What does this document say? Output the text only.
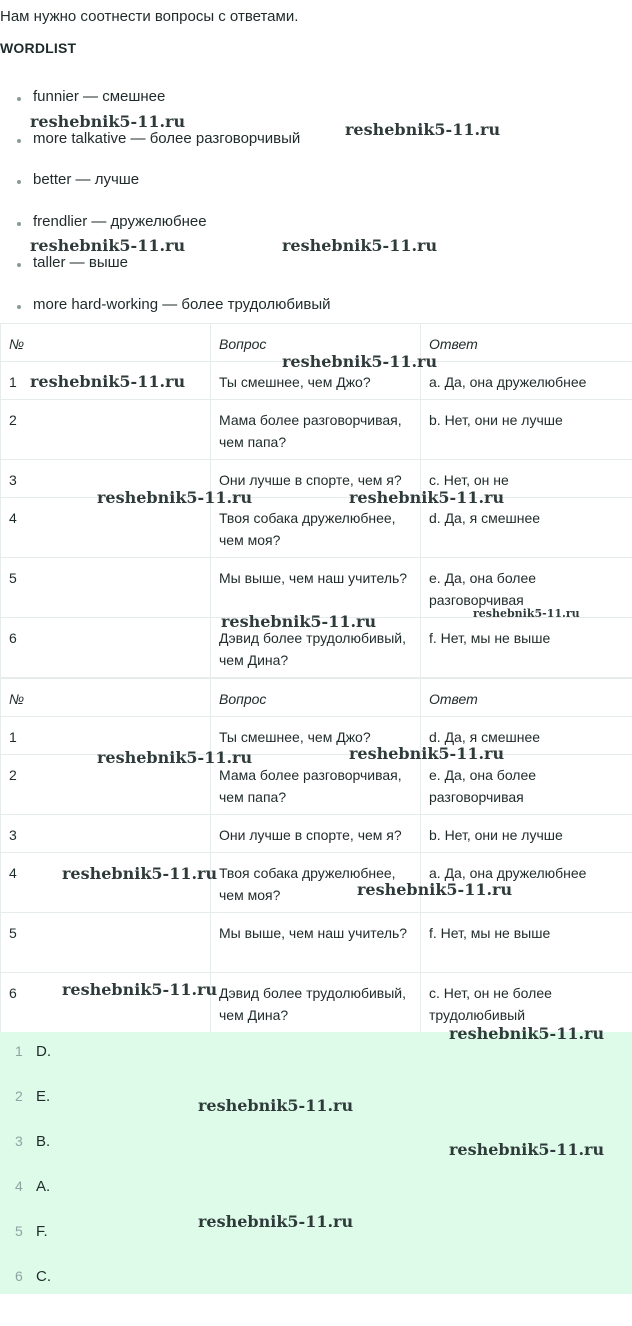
Нам нужно соотнести вопросы с ответами.
WORDLIST
funnier — смешнее
more talkative — более разговорчивый
better — лучше
frendlier — дружелюбнее
taller — выше
more hard-working — более трудолюбивый
№	Вопрос	Ответ
1	Ты смешнее, чем Джо?	a. Да, она дружелюбнее
2	Мама более разговорчивая, чем папа?	b. Нет, они не лучше
3	Они лучше в спорте, чем я?	c. Нет, он не
4	Твоя собака дружелюбнее, чем моя?	d. Да, я смешнее
5	Мы выше, чем наш учитель?	e. Да, она более разговорчивая
6	Дэвид более трудолюбивый, чем Дина?	f. Нет, мы не выше
№	Вопрос	Ответ
1	Ты смешнее, чем Джо?	d. Да, я смешнее
2	Мама более разговорчивая, чем папа?	e. Да, она более разговорчивая
3	Они лучше в спорте, чем я?	b. Нет, они не лучше
4	Твоя собака дружелюбнее, чем моя?	a. Да, она дружелюбнее
5	Мы выше, чем наш учитель?	f. Нет, мы не выше
6	Дэвид более трудолюбивый, чем Дина?	c. Нет, он не более трудолюбивый
1 D.
2 E.
3 B.
4 A.
5 F.
6 C.
reshebnik5-11.ru	reshebnik5-11.ru
reshebnik5-11.ru	reshebnik5-11.ru
reshebnik5-11.ru
reshebnik5-11.ru
reshebnik5-11.ru	reshebnik5-11.ru
reshebnik5-11.ru
reshebnik5-11.ru
reshebnik5-11.ru	reshebnik5-11.ru
reshebnik5-11.ru
reshebnik5-11.ru
reshebnik5-11.ru
reshebnik5-11.ru
reshebnik5-11.ru
reshebnik5-11.ru
reshebnik5-11.ru
